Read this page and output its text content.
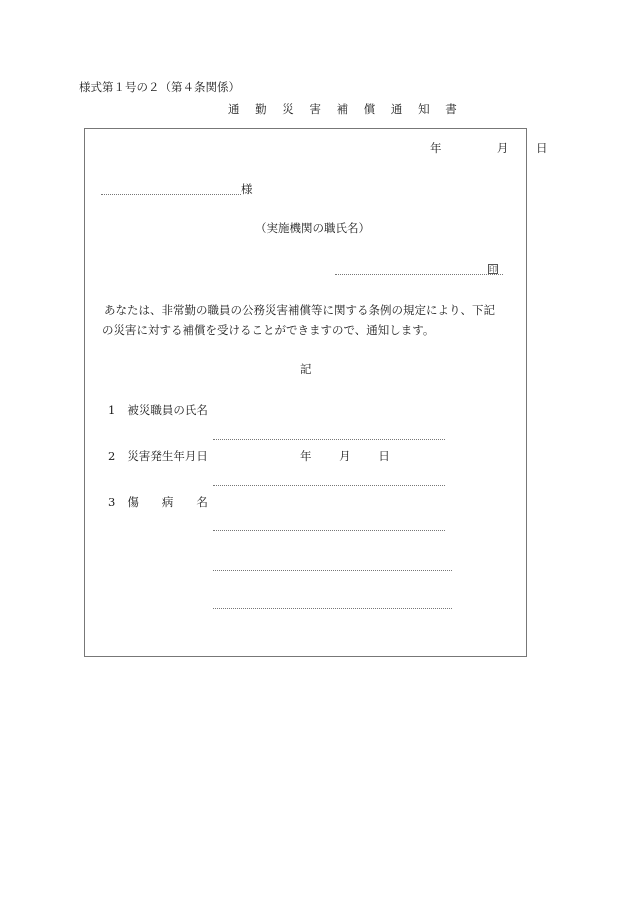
様式第１号の２（第４条関係）
通 勤 災 害 補 償 通 知 書
年	月 日
様
（実施機関の職氏名）
印
あなたは、非常勤の職員の公務災害補償等に関する条例の規定により、下記
の災害に対する補償を受けることができますので、通知します。
記
1 被災職員の氏名
2 災害発生年月日	年 月 日
3 傷　　病　　名
